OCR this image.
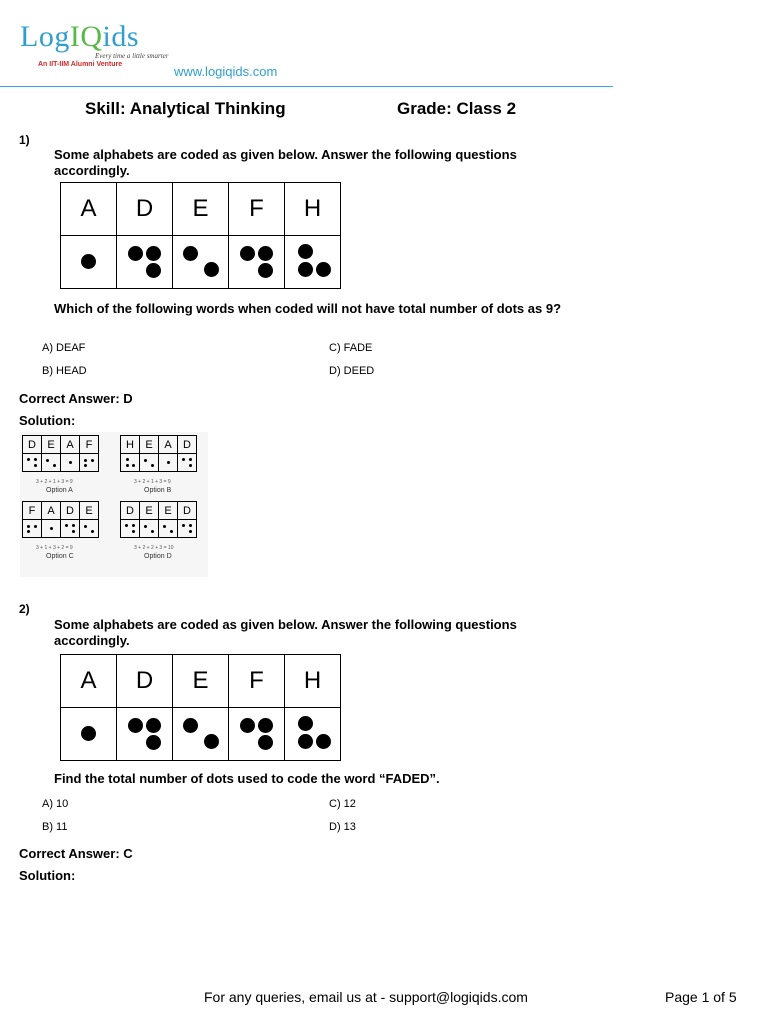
LogIQids
Every time a little smarter
An IIT-IIM Alumni Venture	www.logiqids.com
Skill: Analytical Thinking	Grade: Class 2
1)
Some alphabets are coded as given below. Answer the following questions accordingly.
A	D	E	F	H

Which of the following words when coded will not have total number of dots as 9?
A) DEAF	C) FADE
B) HEAD	D) DEED
Correct Answer: D
Solution:
D	E	A	F

3 + 2 + 1 + 3 = 9
Option A
H	E	A	D

3 + 2 + 1 + 3 = 9
Option B
F	A	D	E

3 + 1 + 3 + 2 = 9
Option C
D	E	E	D

3 + 2 + 2 + 3 = 10
Option D
2)
Some alphabets are coded as given below. Answer the following questions accordingly.
A	D	E	F	H

Find the total number of dots used to code the word “FADED”.
A) 10	C) 12
B) 11	D) 13
Correct Answer: C
Solution:
For any queries, email us at - support@logiqids.com	Page 1 of 5
